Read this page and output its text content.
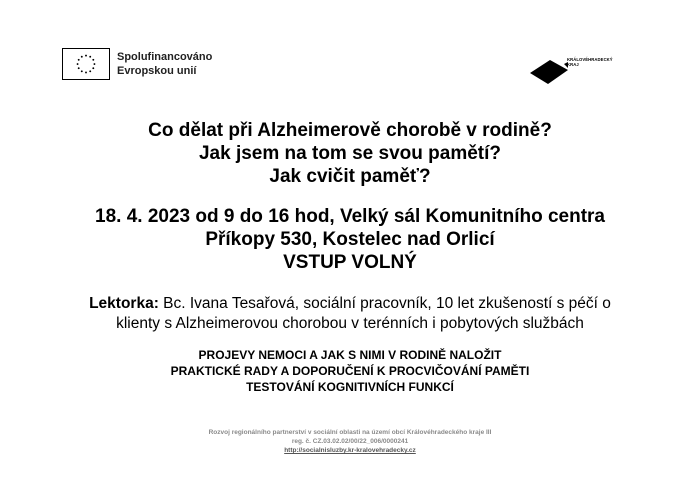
Spolufinancováno
Evropskou unií
KRÁLOVÉHRADECKÝ
KRAJ
Co dělat při Alzheimerově chorobě v rodině?
Jak jsem na tom se svou pamětí?
Jak cvičit paměť?
18. 4. 2023 od 9 do 16 hod, Velký sál Komunitního centra
Příkopy 530, Kostelec nad Orlicí
VSTUP VOLNÝ
Lektorka: Bc. Ivana Tesařová, sociální pracovník, 10 let zkušeností s péčí o
klienty s Alzheimerovou chorobou v terénních i pobytových službách
PROJEVY NEMOCI A JAK S NIMI V RODINĚ NALOŽIT
PRAKTICKÉ RADY A DOPORUČENÍ K PROCVIČOVÁNÍ PAMĚTI
TESTOVÁNÍ KOGNITIVNÍCH FUNKCÍ
Rozvoj regionálního partnerství v sociální oblasti na území obcí Královéhradeckého kraje III
reg. č. CZ.03.02.02/00/22_006/0000241
http://socialnisluzby.kr-kralovehradecky.cz
